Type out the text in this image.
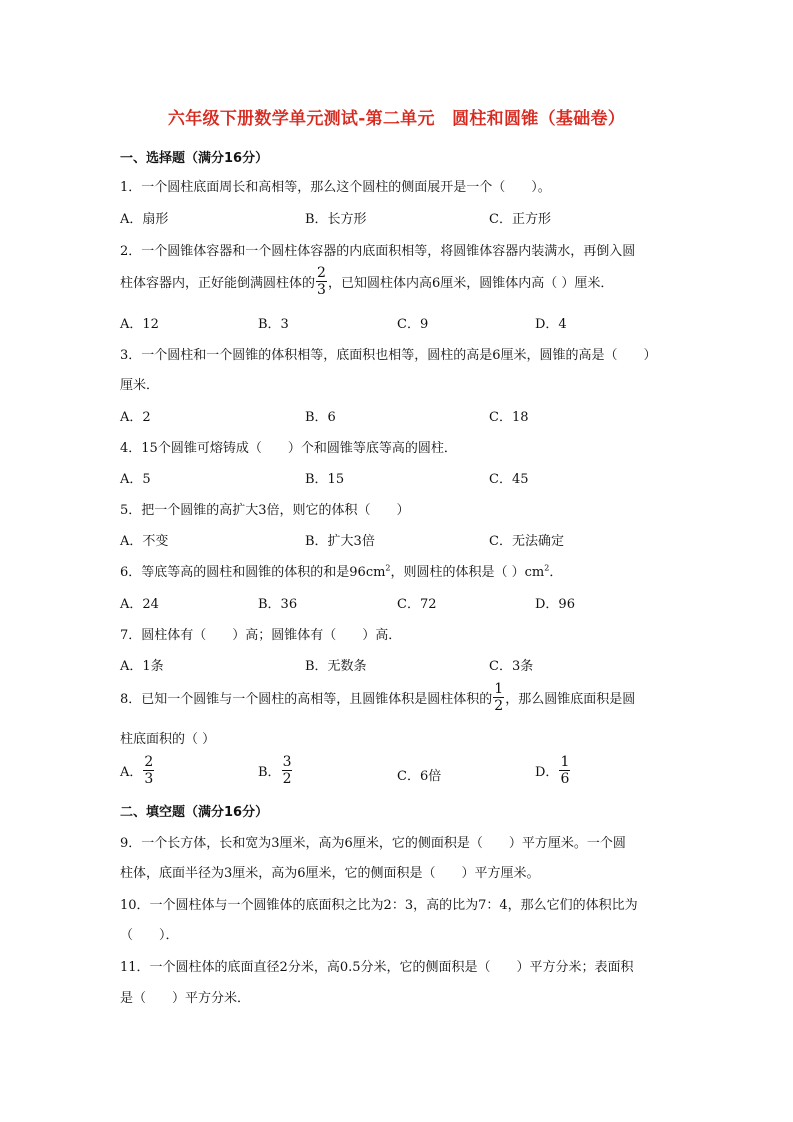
六年级下册数学单元测试-第二单元　圆柱和圆锥（基础卷）
一、选择题（满分16分）
1．一个圆柱底面周长和高相等，那么这个圆柱的侧面展开是一个（　　）。
A．扇形	B．长方形	C．正方形
2．一个圆锥体容器和一个圆柱体容器的内底面积相等，将圆锥体容器内装满水，再倒入圆
柱体容器内，正好能倒满圆柱体的 $\frac{2}{3}$ ，已知圆柱体内高6厘米，圆锥体内高（ ）厘米．
A．12	B．3	C．9	D．4
3．一个圆柱和一个圆锥的体积相等，底面积也相等，圆柱的高是6厘米，圆锥的高是（　　）
厘米．
A．2	B．6	C．18
4．15个圆锥可熔铸成（　　）个和圆锥等底等高的圆柱．
A．5	B．15	C．45
5．把一个圆锥的高扩大3倍，则它的体积（　　）
A．不变	B．扩大3倍	C．无法确定
6．等底等高的圆柱和圆锥的体积的和是$96cm^2$，则圆柱的体积是（ ）$cm^2$．
A．24	B．36	C．72	D．96
7．圆柱体有（　　）高；圆锥体有（　　）高．
A．1条	B．无数条	C．3条
8．已知一个圆锥与一个圆柱的高相等，且圆锥体积是圆柱体积的 $\frac{1}{2}$ ，那么圆锥底面积是圆
柱底面积的（ ）
A． $\frac{2}{3}$	B． $\frac{3}{2}$	C．6倍	D． $\frac{1}{6}$
二、填空题（满分16分）
9．一个长方体，长和宽为3厘米，高为6厘米，它的侧面积是（　　）平方厘米。一个圆
柱体，底面半径为3厘米，高为6厘米，它的侧面积是（　　）平方厘米。
10．一个圆柱体与一个圆锥体的底面积之比为2：3，高的比为7：4，那么它们的体积比为
（　　）．
11．一个圆柱体的底面直径2分米，高0.5分米，它的侧面积是（　　）平方分米；表面积
是（　　）平方分米．
